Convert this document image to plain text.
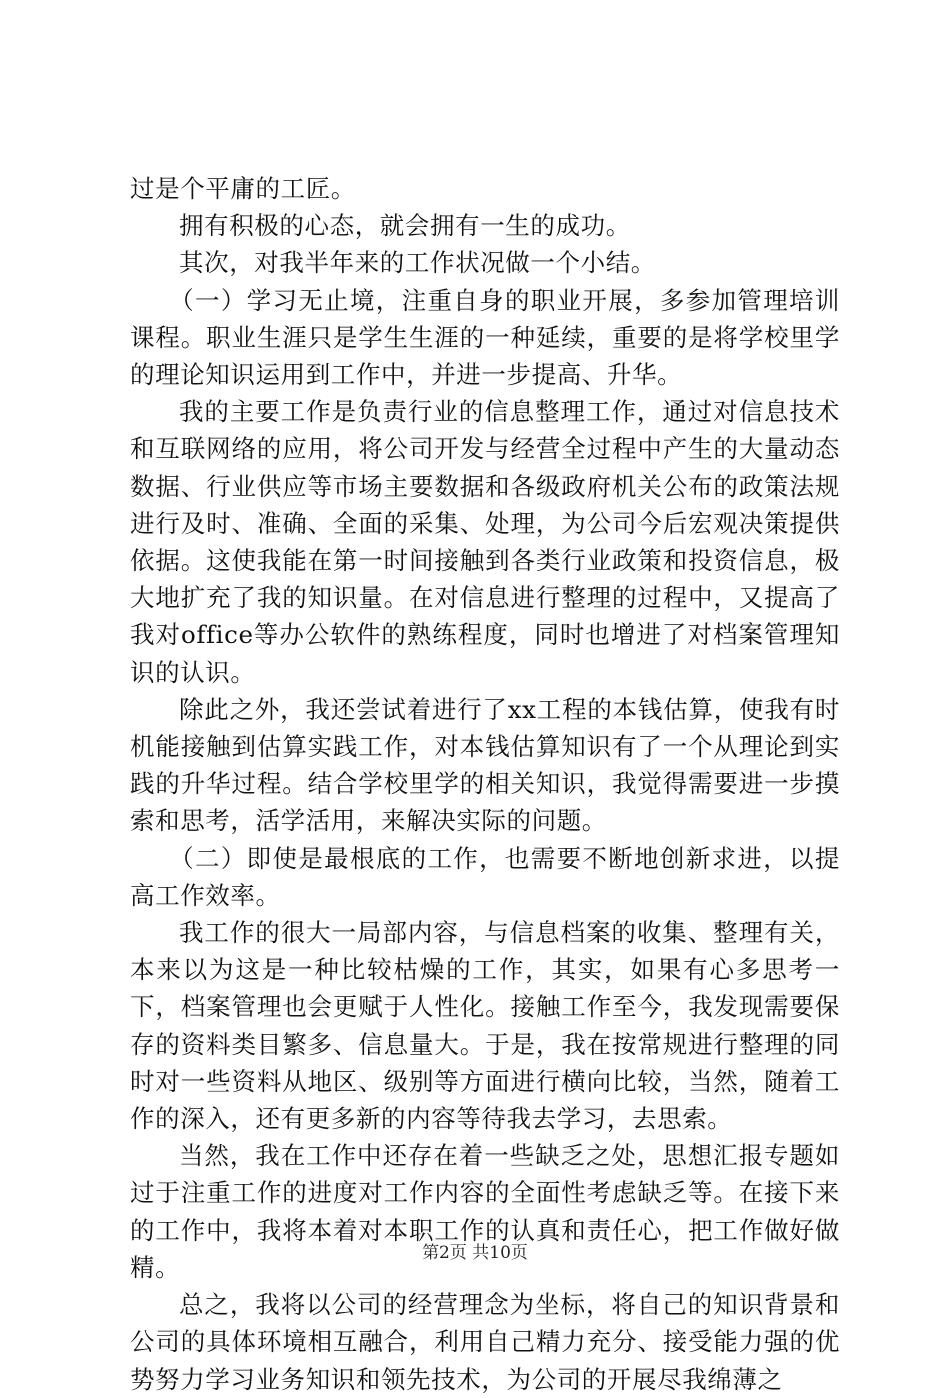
过是个平庸的工匠。

拥有积极的心态，就会拥有一生的成功。

其次，对我半年来的工作状况做一个小结。

（一）学习无止境，注重自身的职业开展，多参加管理培训课程。职业生涯只是学生生涯的一种延续，重要的是将学校里学的理论知识运用到工作中，并进一步提高、升华。

我的主要工作是负责行业的信息整理工作，通过对信息技术和互联网络的应用，将公司开发与经营全过程中产生的大量动态数据、行业供应等市场主要数据和各级政府机关公布的政策法规进行及时、准确、全面的采集、处理，为公司今后宏观决策提供依据。这使我能在第一时间接触到各类行业政策和投资信息，极大地扩充了我的知识量。在对信息进行整理的过程中，又提高了我对office等办公软件的熟练程度，同时也增进了对档案管理知识的认识。

除此之外，我还尝试着进行了xx工程的本钱估算，使我有时机能接触到估算实践工作，对本钱估算知识有了一个从理论到实践的升华过程。结合学校里学的相关知识，我觉得需要进一步摸索和思考，活学活用，来解决实际的问题。

（二）即使是最根底的工作，也需要不断地创新求进，以提高工作效率。

我工作的很大一局部内容，与信息档案的收集、整理有关，本来以为这是一种比较枯燥的工作，其实，如果有心多思考一下，档案管理也会更赋于人性化。接触工作至今，我发现需要保存的资料类目繁多、信息量大。于是，我在按常规进行整理的同时对一些资料从地区、级别等方面进行横向比较，当然，随着工作的深入，还有更多新的内容等待我去学习，去思索。

当然，我在工作中还存在着一些缺乏之处，思想汇报专题如过于注重工作的进度对工作内容的全面性考虑缺乏等。在接下来的工作中，我将本着对本职工作的认真和责任心，把工作做好做精。

总之，我将以公司的经营理念为坐标，将自己的知识背景和公司的具体环境相互融合，利用自己精力充分、接受能力强的优势努力学习业务知识和领先技术，为公司的开展尽我绵薄之

第2页 共10页
